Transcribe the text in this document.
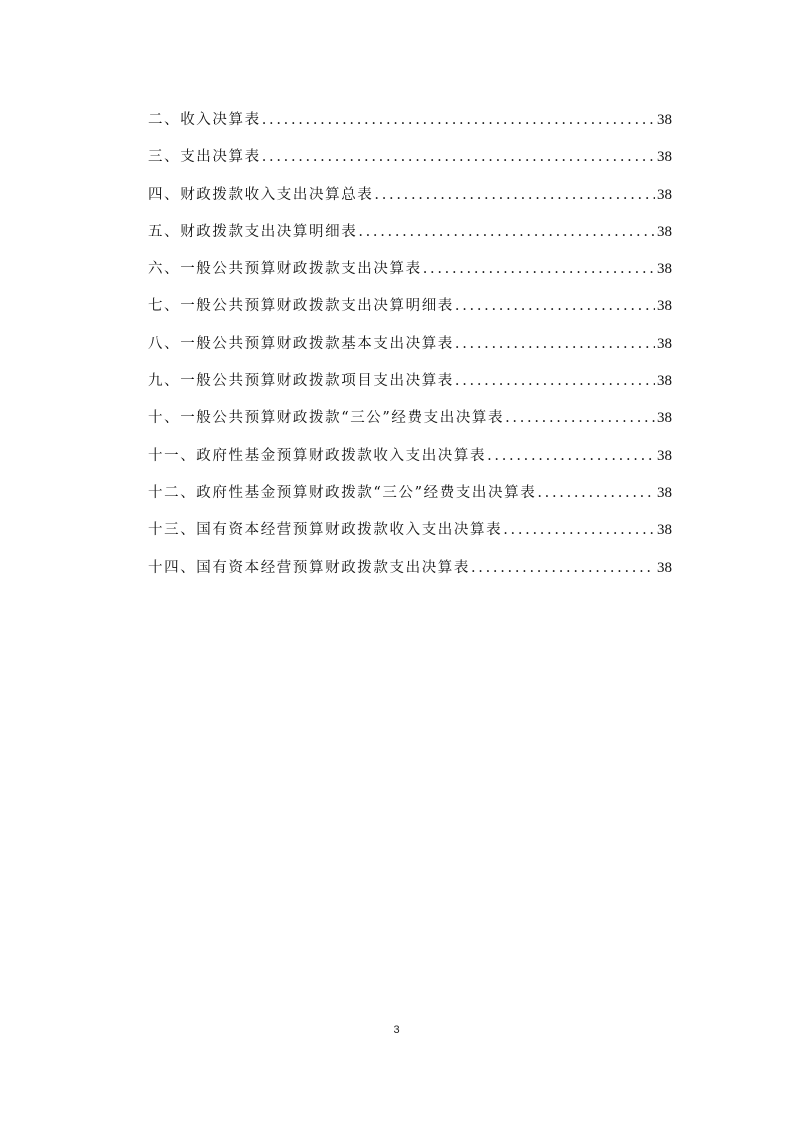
二、收入决算表 .....	38
三、支出决算表 .....	38
四、财政拨款收入支出决算总表 .....	38
五、财政拨款支出决算明细表 .....	38
六、一般公共预算财政拨款支出决算表 .....	38
七、一般公共预算财政拨款支出决算明细表 .....	38
八、一般公共预算财政拨款基本支出决算表 .....	38
九、一般公共预算财政拨款项目支出决算表 .....	38
十、一般公共预算财政拨款“三公”经费支出决算表 .....	38
十一、政府性基金预算财政拨款收入支出决算表 .....	38
十二、政府性基金预算财政拨款“三公”经费支出决算表 .....	38
十三、国有资本经营预算财政拨款收入支出决算表 .....	38
十四、国有资本经营预算财政拨款支出决算表 .....	38
3
